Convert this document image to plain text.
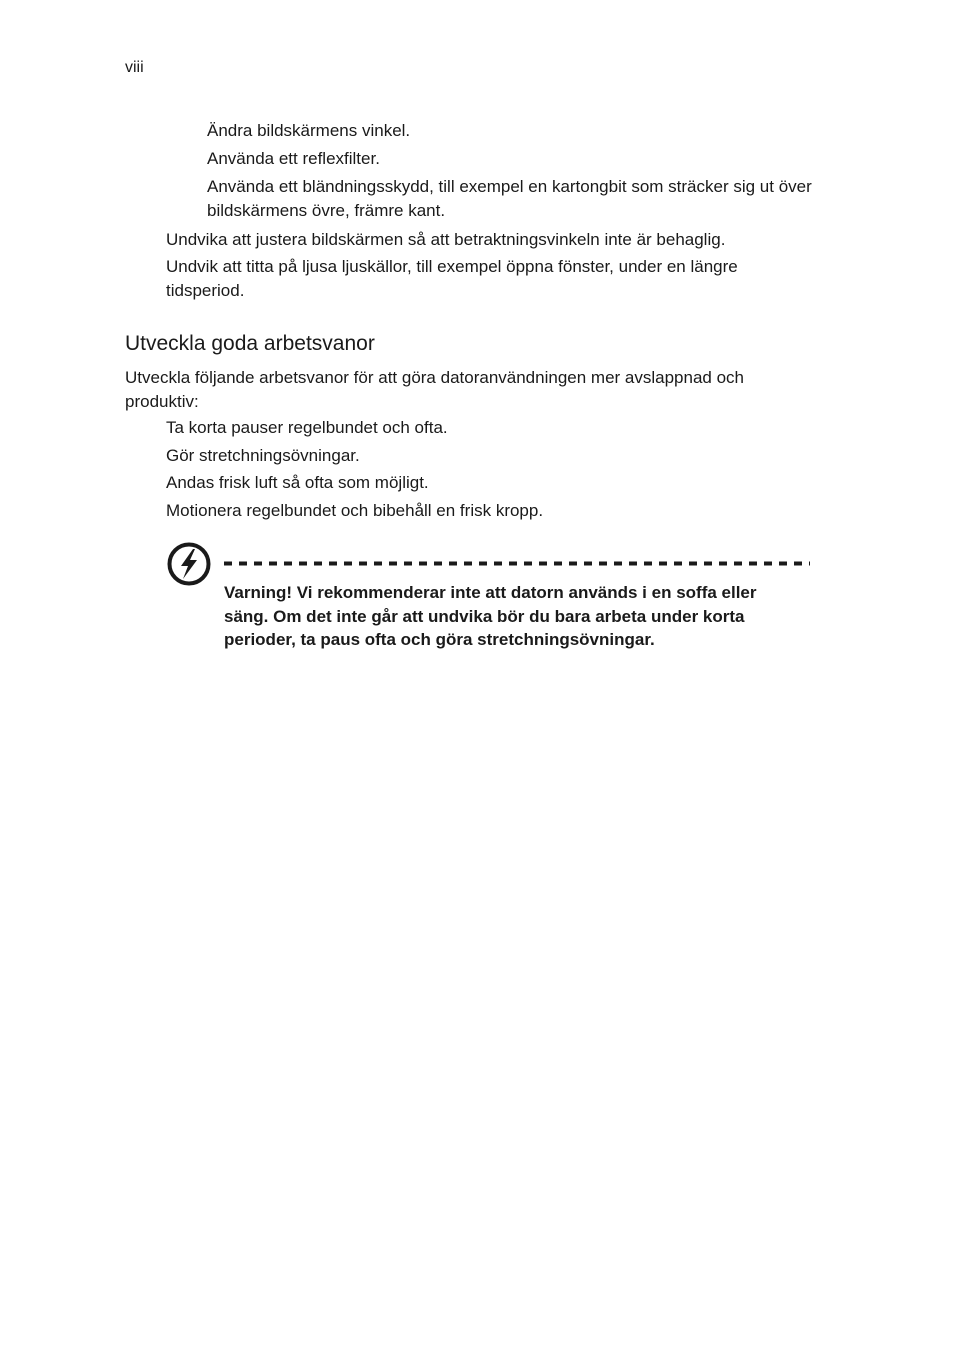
viii
Ändra bildskärmens vinkel.
Använda ett reflexfilter.
Använda ett bländningsskydd, till exempel en kartongbit som sträcker sig ut över bildskärmens övre, främre kant.
Undvika att justera bildskärmen så att betraktningsvinkeln inte är behaglig.
Undvik att titta på ljusa ljuskällor, till exempel öppna fönster, under en längre tidsperiod.
Utveckla goda arbetsvanor
Utveckla följande arbetsvanor för att göra datoranvändningen mer avslappnad och produktiv:
Ta korta pauser regelbundet och ofta.
Gör stretchningsövningar.
Andas frisk luft så ofta som möjligt.
Motionera regelbundet och bibehåll en frisk kropp.
Varning! Vi rekommenderar inte att datorn används i en soffa eller säng. Om det inte går att undvika bör du bara arbeta under korta perioder, ta paus ofta och göra stretchningsövningar.
